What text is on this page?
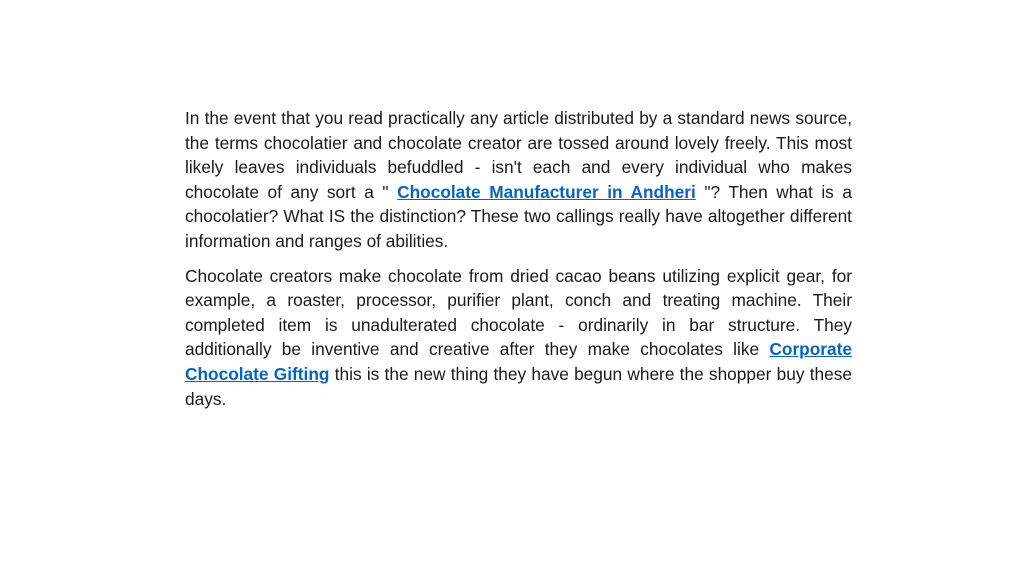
In the event that you read practically any article distributed by a standard news source, the terms chocolatier and chocolate creator are tossed around lovely freely. This most likely leaves individuals befuddled - isn't each and every individual who makes chocolate of any sort a " Chocolate Manufacturer in Andheri "? Then what is a chocolatier? What IS the distinction? These two callings really have altogether different information and ranges of abilities.

Chocolate creators make chocolate from dried cacao beans utilizing explicit gear, for example, a roaster, processor, purifier plant, conch and treating machine. Their completed item is unadulterated chocolate - ordinarily in bar structure. They additionally be inventive and creative after they make chocolates like Corporate Chocolate Gifting this is the new thing they have begun where the shopper buy these days.
